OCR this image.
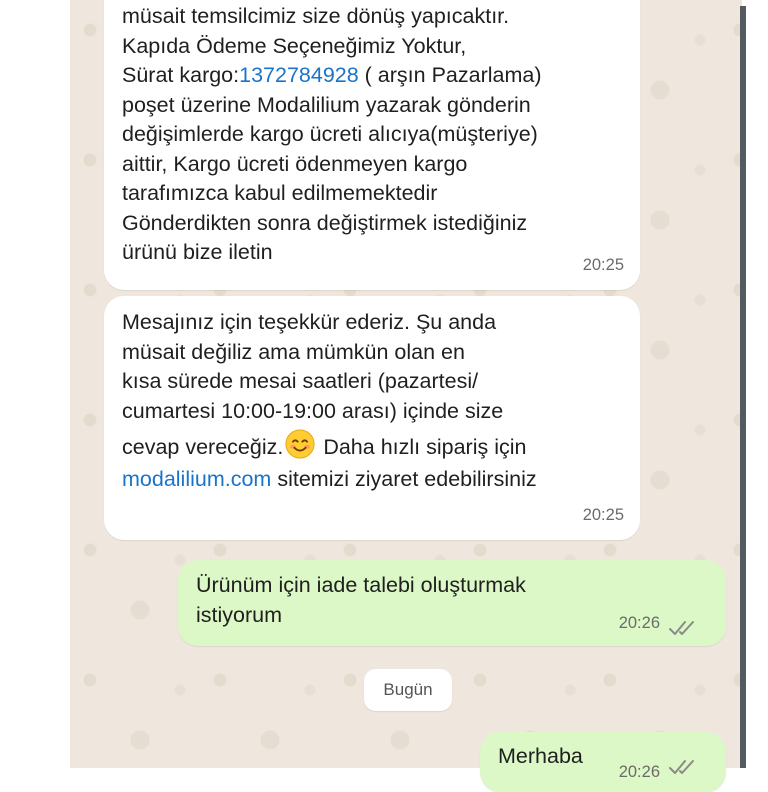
müsait temsilcimiz size dönüş yapıcaktır.
Kapıda Ödeme Seçeneğimiz Yoktur,
Sürat kargo:1372784928 ( arşın Pazarlama)
poşet üzerine Modalilium yazarak gönderin
değişimlerde kargo ücreti alıcıya(müşteriye)
aittir, Kargo ücreti ödenmeyen kargo
tarafımızca kabul edilmemektedir
Gönderdikten sonra değiştirmek istediğiniz
ürünü bize iletin
20:25
Mesajınız için teşekkür ederiz. Şu anda
müsait değiliz ama mümkün olan en
kısa sürede mesai saatleri (pazartesi/
cumartesi 10:00-19:00 arası) içinde size
cevap vereceğiz. Daha hızlı sipariş için
modalilium.com sitemizi ziyaret edebilirsiniz
20:25
Ürünüm için iade talebi oluşturmak
istiyorum	20:26
Bugün
Merhaba
20:26
